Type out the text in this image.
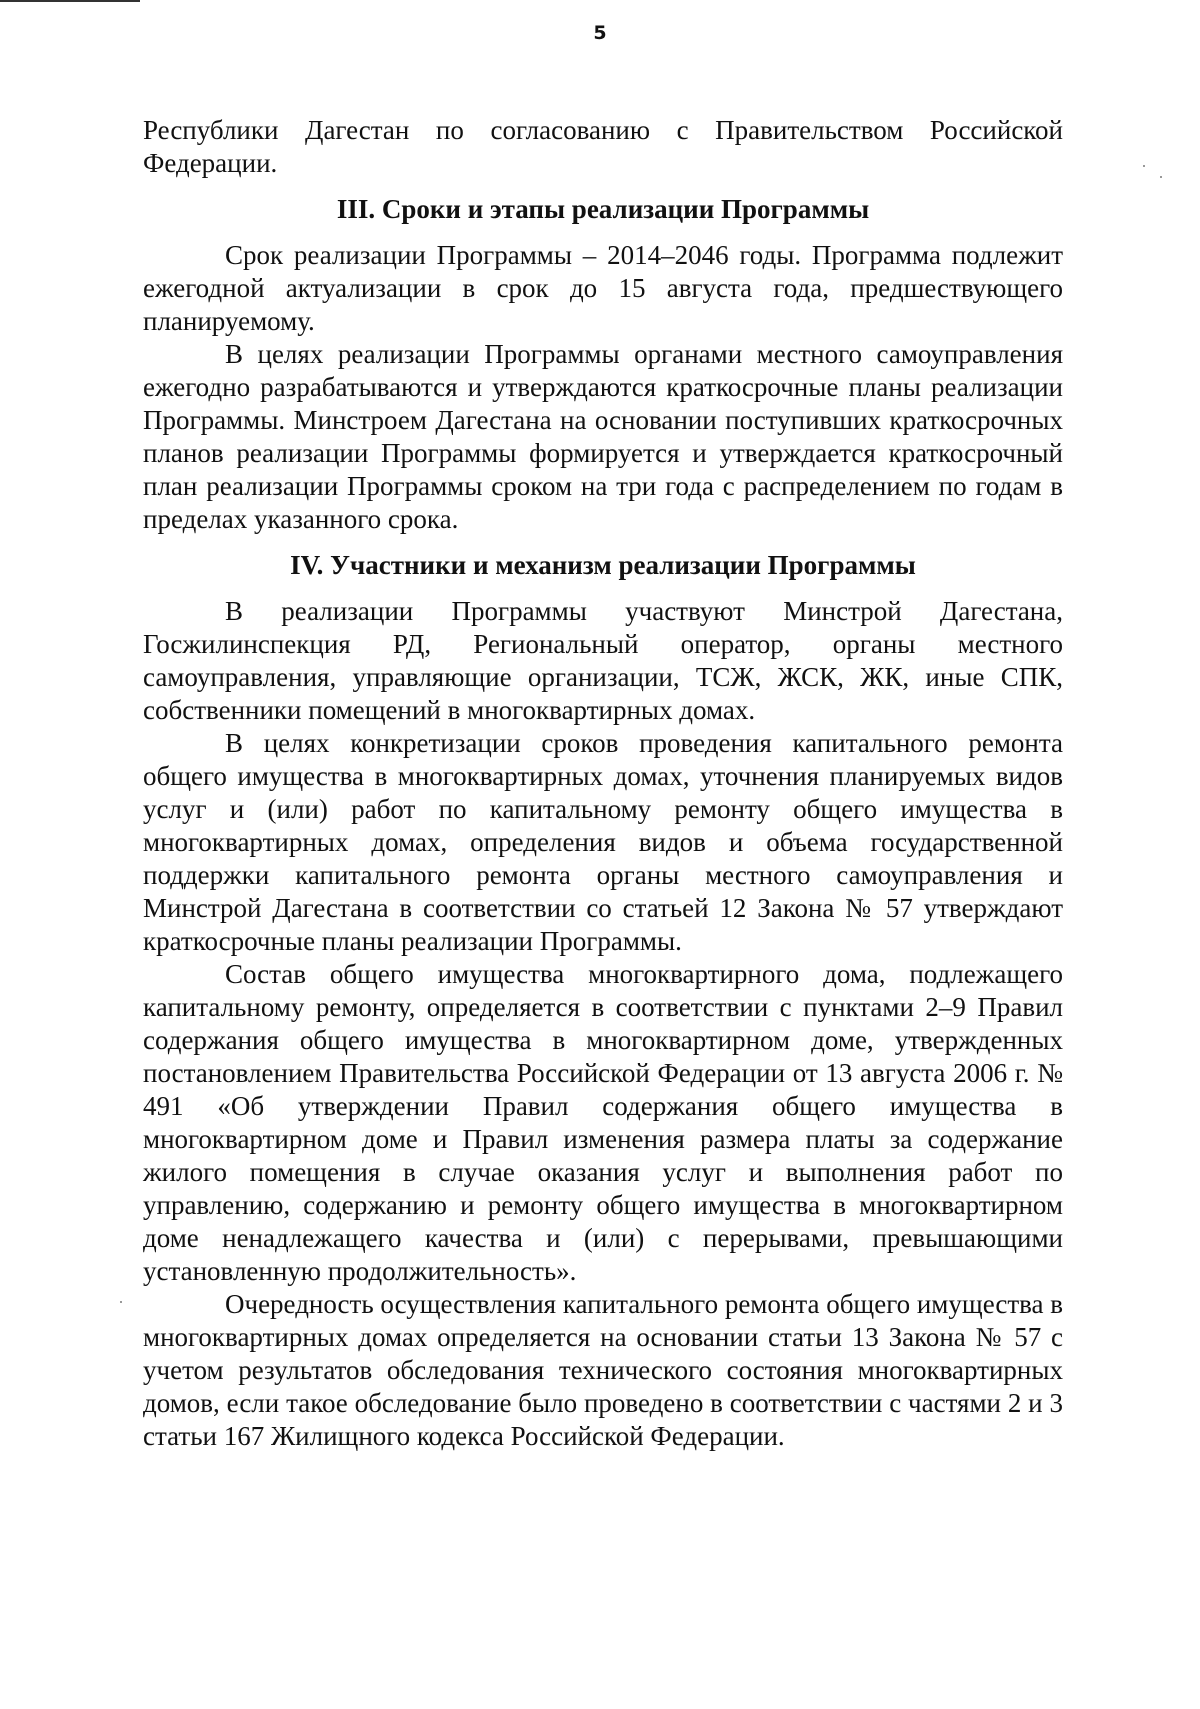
5

Республики Дагестан по согласованию с Правительством Российской Федерации.

III. Сроки и этапы реализации Программы

Срок реализации Программы – 2014–2046 годы. Программа подлежит ежегодной актуализации в срок до 15 августа года, предшествующего планируемому.

В целях реализации Программы органами местного самоуправления ежегодно разрабатываются и утверждаются краткосрочные планы реализации Программы. Минстроем Дагестана на основании поступивших краткосрочных планов реализации Программы формируется и утверждается краткосрочный план реализации Программы сроком на три года с распределением по годам в пределах указанного срока.

IV. Участники и механизм реализации Программы

В реализации Программы участвуют Минстрой Дагестана, Госжилинспекция РД, Региональный оператор, органы местного самоуправления, управляющие организации, ТСЖ, ЖСК, ЖК, иные СПК, собственники помещений в многоквартирных домах.

В целях конкретизации сроков проведения капитального ремонта общего имущества в многоквартирных домах, уточнения планируемых видов услуг и (или) работ по капитальному ремонту общего имущества в многоквартирных домах, определения видов и объема государственной поддержки капитального ремонта органы местного самоуправления и Минстрой Дагестана в соответствии со статьей 12 Закона № 57 утверждают краткосрочные планы реализации Программы.

Состав общего имущества многоквартирного дома, подлежащего капитальному ремонту, определяется в соответствии с пунктами 2–9 Правил содержания общего имущества в многоквартирном доме, утвержденных постановлением Правительства Российской Федерации от 13 августа 2006 г. № 491 «Об утверждении Правил содержания общего имущества в многоквартирном доме и Правил изменения размера платы за содержание жилого помещения в случае оказания услуг и выполнения работ по управлению, содержанию и ремонту общего имущества в многоквартирном доме ненадлежащего качества и (или) с перерывами, превышающими установленную продолжительность».

Очередность осуществления капитального ремонта общего имущества в многоквартирных домах определяется на основании статьи 13 Закона № 57 с учетом результатов обследования технического состояния многоквартирных домов, если такое обследование было проведено в соответствии с частями 2 и 3 статьи 167 Жилищного кодекса Российской Федерации.
